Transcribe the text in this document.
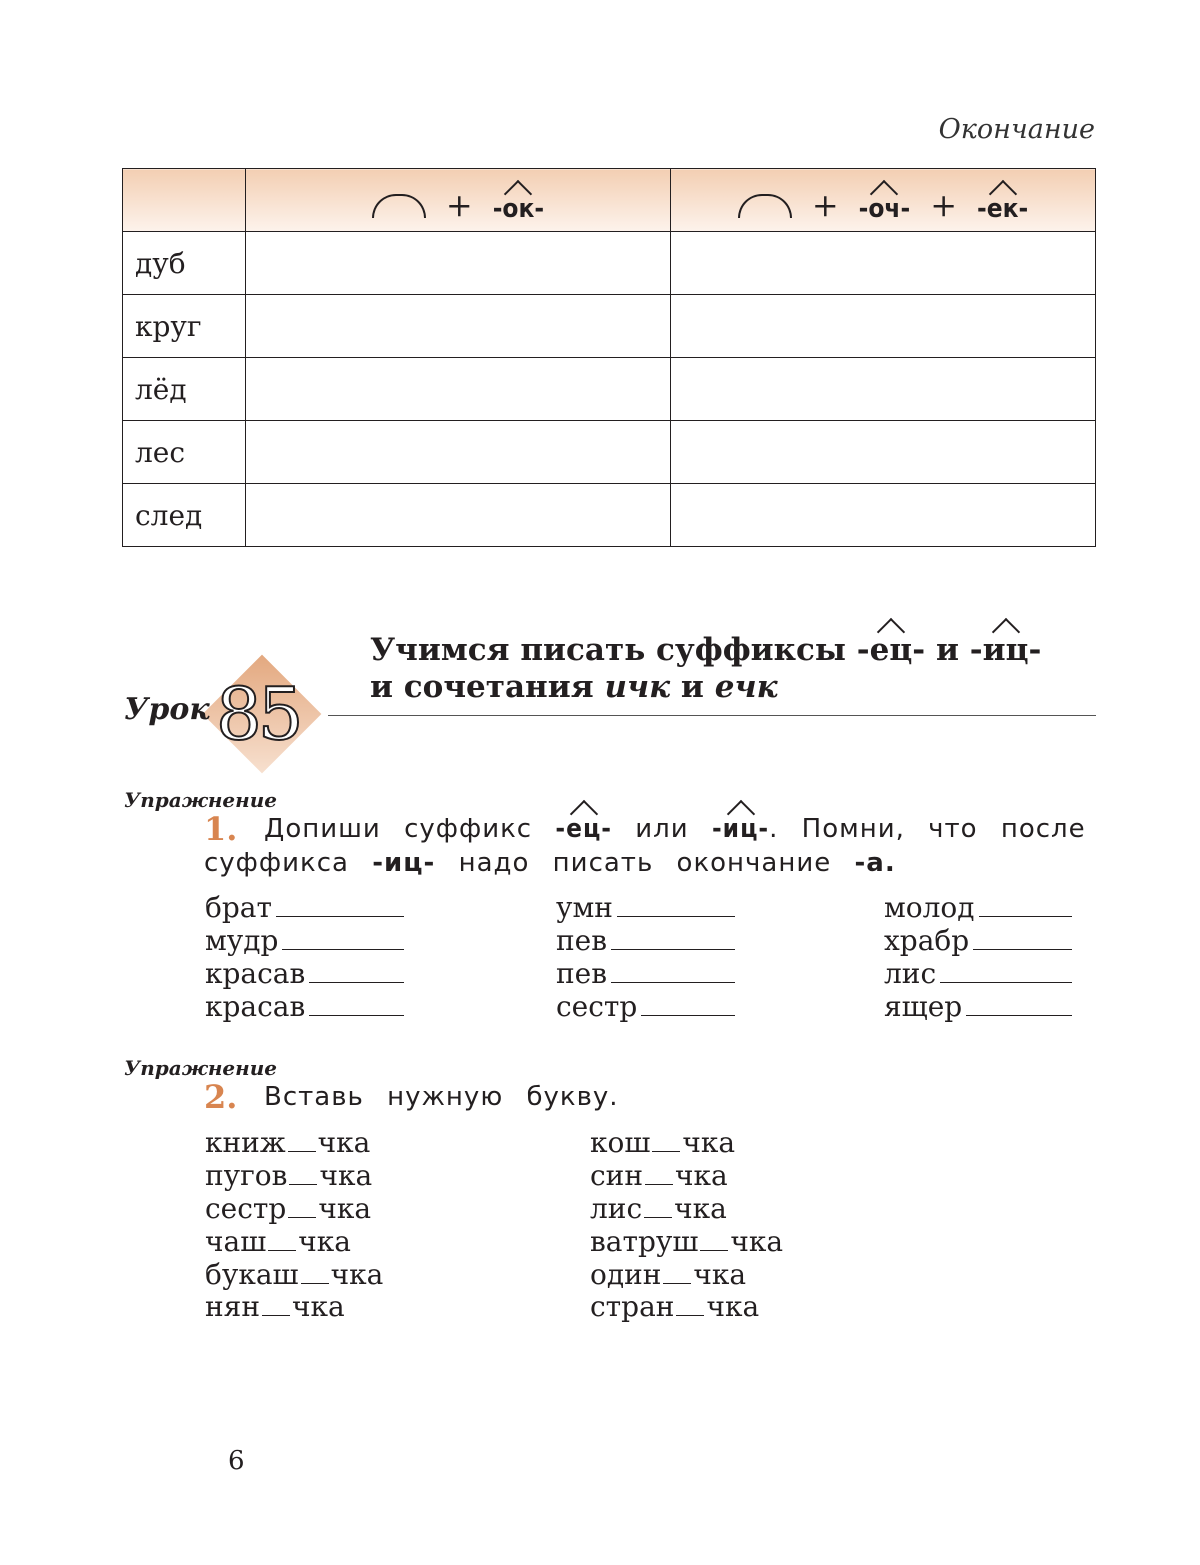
Окончание

	+ -ок-	+ -оч- + -ек-

дуб		
круг		
лёд		
лес		
след		
Урок 85
Учимся писать суффиксы -ец- и -иц-
и сочетания ичк и ечк
Упражнение
1. Допиши суффикс -ец- или -иц-. Помни, что после
суффикса -иц- надо писать окончание -а.
брат
мудр
красав
красав
умн
пев
пев
сестр
молод
храбр
лис
ящер
Упражнение
2. Вставь нужную букву.
книж чка
пугов чка
сестр чка
чаш чка
букаш чка
нян чка
кош чка
син чка
лис чка
ватруш чка
один чка
стран чка
6
